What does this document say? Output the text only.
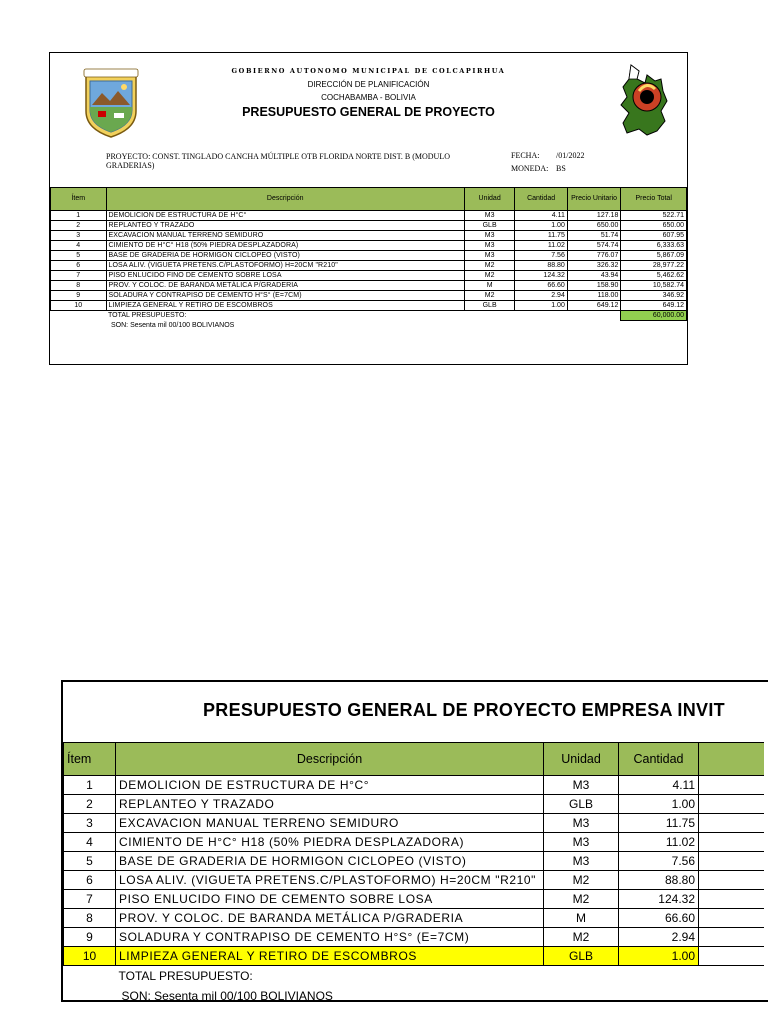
GOBIERNO AUTONOMO MUNICIPAL DE COLCAPIRHUA
DIRECCIÓN DE PLANIFICACIÓN
COCHABAMBA - BOLIVIA
PRESUPUESTO GENERAL DE PROYECTO
PROYECTO: CONST. TINGLADO CANCHA MÚLTIPLE OTB FLORIDA NORTE DIST. B (MODULO GRADERIAS)
FECHA: /01/2022
MONEDA: BS
Ítem	Descripción	Unidad	Cantidad	Precio Unitario	Precio Total
1	DEMOLICION DE ESTRUCTURA DE H°C°	M3	4.11	127.18	522.71
2	REPLANTEO Y TRAZADO	GLB	1.00	650.00	650.00
3	EXCAVACION MANUAL TERRENO SEMIDURO	M3	11.75	51.74	607.95
4	CIMIENTO DE H°C° H18 (50% PIEDRA DESPLAZADORA)	M3	11.02	574.74	6,333.63
5	BASE DE GRADERIA DE HORMIGON CICLOPEO (VISTO)	M3	7.56	776.07	5,867.09
6	LOSA ALIV. (VIGUETA PRETENS.C/PLASTOFORMO) H=20CM "R210"	M2	88.80	326.32	28,977.22
7	PISO ENLUCIDO FINO DE CEMENTO SOBRE LOSA	M2	124.32	43.94	5,462.62
8	PROV. Y COLOC. DE BARANDA METÁLICA P/GRADERIA	M	66.60	158.90	10,582.74
9	SOLADURA Y CONTRAPISO DE CEMENTO H°S° (E=7CM)	M2	2.94	118.00	346.92
10	LIMPIEZA GENERAL Y RETIRO DE ESCOMBROS	GLB	1.00	649.12	649.12
	TOTAL PRESUPUESTO:				60,000.00
	SON: Sesenta mil 00/100 BOLIVIANOS				
PRESUPUESTO GENERAL DE PROYECTO EMPRESA INVIT
Ítem	Descripción	Unidad	Cantidad	
1	DEMOLICION DE ESTRUCTURA DE H°C°	M3	4.11	
2	REPLANTEO Y TRAZADO	GLB	1.00	
3	EXCAVACION MANUAL TERRENO SEMIDURO	M3	11.75	
4	CIMIENTO DE H°C° H18 (50% PIEDRA DESPLAZADORA)	M3	11.02	
5	BASE DE GRADERIA DE HORMIGON CICLOPEO (VISTO)	M3	7.56	
6	LOSA ALIV. (VIGUETA PRETENS.C/PLASTOFORMO) H=20CM "R210"	M2	88.80	
7	PISO ENLUCIDO FINO DE CEMENTO SOBRE LOSA	M2	124.32	
8	PROV. Y COLOC. DE BARANDA METÁLICA P/GRADERIA	M	66.60	
9	SOLADURA Y CONTRAPISO DE CEMENTO H°S° (E=7CM)	M2	2.94	
10	LIMPIEZA GENERAL Y RETIRO DE ESCOMBROS	GLB	1.00	
	TOTAL PRESUPUESTO:			
	SON: Sesenta mil 00/100 BOLIVIANOS			
